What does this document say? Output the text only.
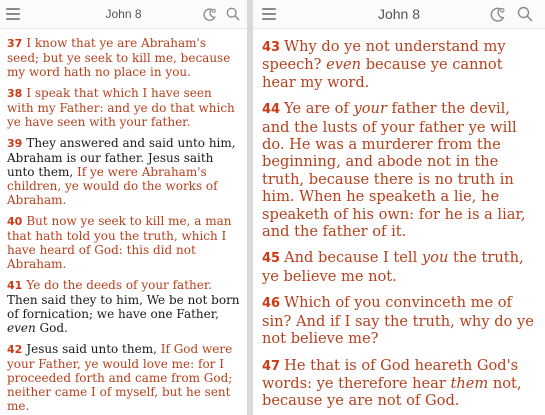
John 8

37 I know that ye are Abraham's seed; but ye seek to kill me, because my word hath no place in you.

38 I speak that which I have seen with my Father: and ye do that which ye have seen with your father.

39 They answered and said unto him, Abraham is our father. Jesus saith unto them, If ye were Abraham's children, ye would do the works of Abraham.

40 But now ye seek to kill me, a man that hath told you the truth, which I have heard of God: this did not Abraham.

41 Ye do the deeds of your father. Then said they to him, We be not born of fornication; we have one Father, even God.

42 Jesus said unto them, If God were your Father, ye would love me: for I proceeded forth and came from God; neither came I of myself, but he sent me.

John 8

43 Why do ye not understand my speech? even because ye cannot hear my word.

44 Ye are of your father the devil, and the lusts of your father ye will do. He was a murderer from the beginning, and abode not in the truth, because there is no truth in him. When he speaketh a lie, he speaketh of his own: for he is a liar, and the father of it.

45 And because I tell you the truth, ye believe me not.

46 Which of you convinceth me of sin? And if I say the truth, why do ye not believe me?

47 He that is of God heareth God's words: ye therefore hear them not, because ye are not of God.
